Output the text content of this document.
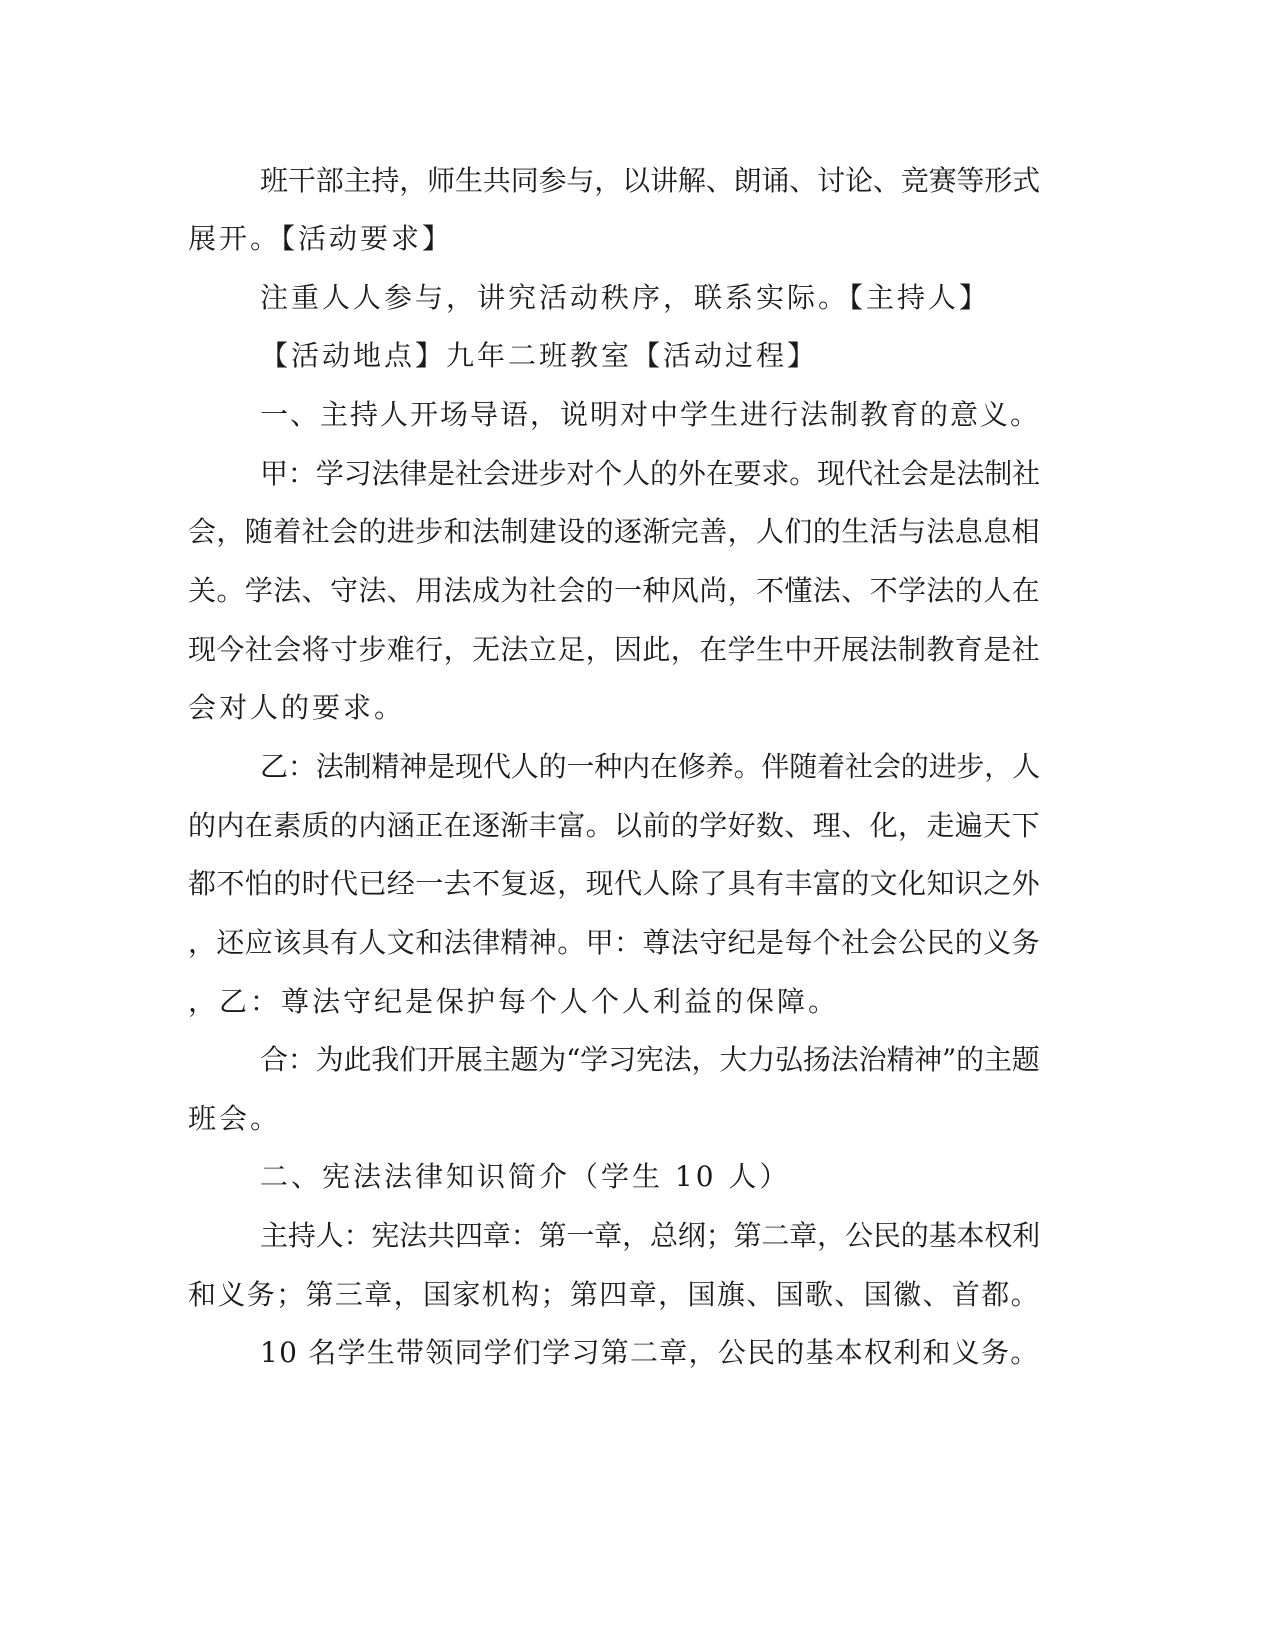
班干部主持，师生共同参与，以讲解、朗诵、讨论、竞赛等形式
展开。【活动要求】
注重人人参与，讲究活动秩序，联系实际。【主持人】
【活动地点】九年二班教室【活动过程】
一、主持人开场导语，说明对中学生进行法制教育的意义。
甲：学习法律是社会进步对个人的外在要求。现代社会是法制社
会，随着社会的进步和法制建设的逐渐完善，人们的生活与法息息相
关。学法、守法、用法成为社会的一种风尚，不懂法、不学法的人在
现今社会将寸步难行，无法立足，因此，在学生中开展法制教育是社
会对人的要求。
乙：法制精神是现代人的一种内在修养。伴随着社会的进步，人
的内在素质的内涵正在逐渐丰富。以前的学好数、理、化，走遍天下
都不怕的时代已经一去不复返，现代人除了具有丰富的文化知识之外
，还应该具有人文和法律精神。甲：尊法守纪是每个社会公民的义务
，乙：尊法守纪是保护每个人个人利益的保障。
合：为此我们开展主题为“学习宪法，大力弘扬法治精神”的主题
班会。
二、宪法法律知识简介（学生 10 人）
主持人：宪法共四章：第一章，总纲；第二章，公民的基本权利
和义务；第三章，国家机构；第四章，国旗、国歌、国徽、首都。
10 名学生带领同学们学习第二章，公民的基本权利和义务。
